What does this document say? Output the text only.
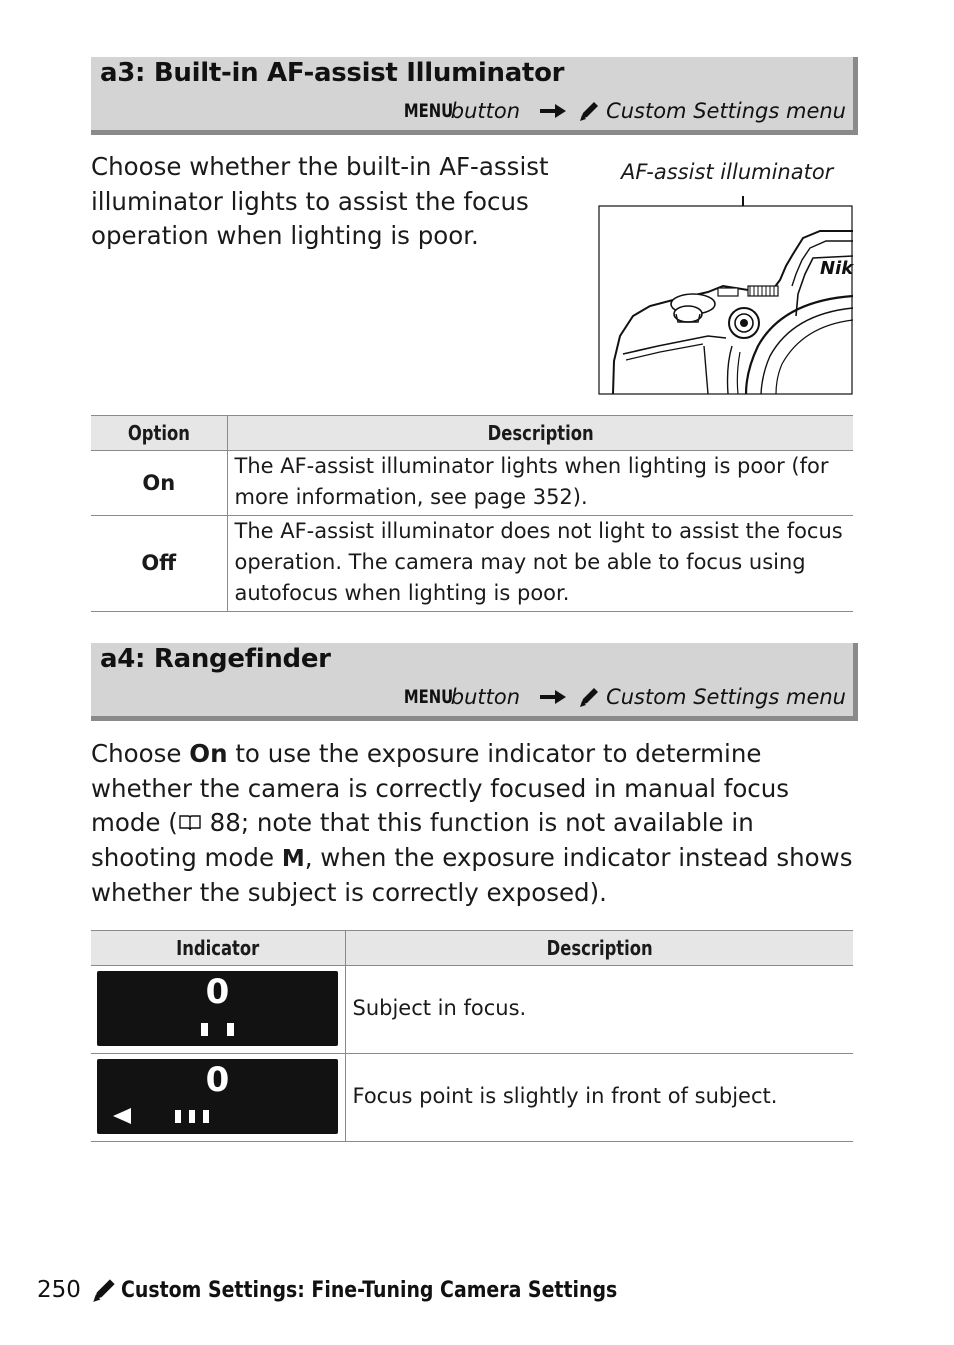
a3: Built-in AF-assist Illuminator
MENU
button	Custom Settings menu
Choose whether the built-in AF-assist illuminator lights to assist the focus operation when lighting is poor.
AF-assist illuminator
Nik
Option	Description
On	The AF-assist illuminator lights when lighting is poor (for more information, see page 352).
Off	The AF-assist illuminator does not light to assist the focus operation. The camera may not be able to focus using autofocus when lighting is poor.
a4: Rangefinder
MENU
button	Custom Settings menu
Choose On to use the exposure indicator to determine whether the camera is correctly focused in manual focus mode ( 88; note that this function is not available in shooting mode M, when the exposure indicator instead shows whether the subject is correctly exposed).
Indicator	Description

0	Subject in focus.

0	Focus point is slightly in front of subject.
250 Custom Settings: Fine-Tuning Camera Settings
